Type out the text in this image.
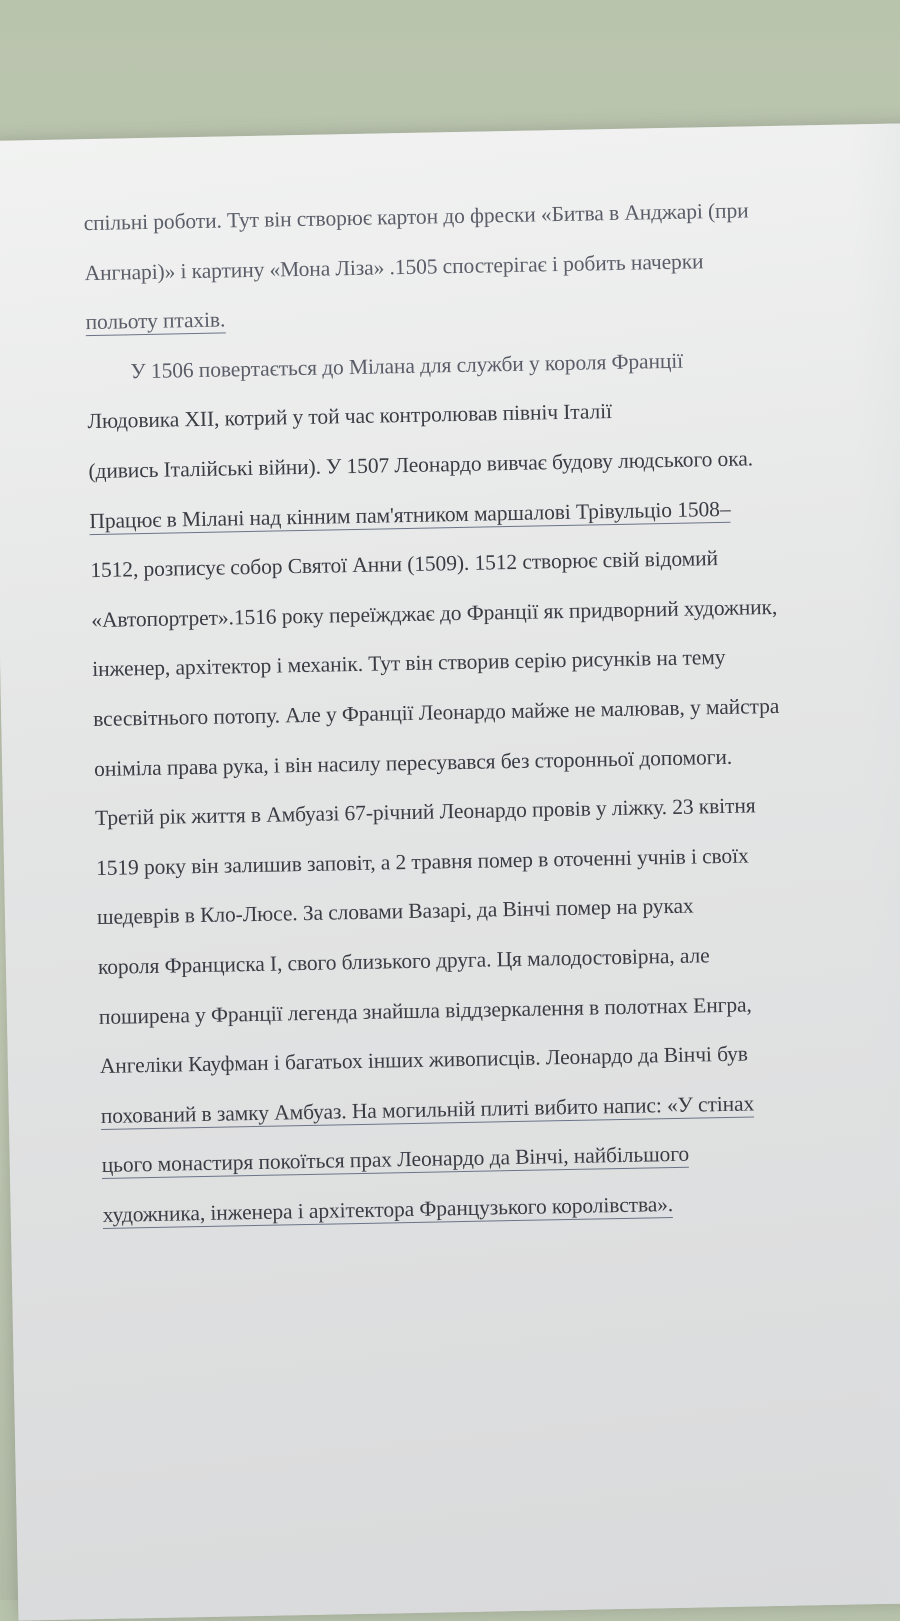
спільні роботи. Тут він створює картон до фрески «Битва в Анджарі (при
Ангнарі)» і картину «Мона Ліза» .1505 спостерігає і робить начерки
польоту птахів.
У 1506 повертається до Мілана для служби у короля Франції
Людовика XII, котрий у той час контролював північ Італії
(дивись Італійські війни). У 1507 Леонардо вивчає будову людського ока.
Працює в Мілані над кінним пам'ятником маршалові Трівульціо 1508–
1512, розписує собор Святої Анни (1509). 1512 створює свій відомий
«Автопортрет».1516 року переїжджає до Франції як придворний художник,
інженер, архітектор і механік. Тут він створив серію рисунків на тему
всесвітнього потопу. Але у Франції Леонардо майже не малював, у майстра
оніміла права рука, і він насилу пересувався без сторонньої допомоги.
Третій рік життя в Амбуазі 67-річний Леонардо провів у ліжку. 23 квітня
1519 року він залишив заповіт, а 2 травня помер в оточенні учнів і своїх
шедеврів в Кло-Люсе. За словами Вазарі, да Вінчі помер на руках
короля Франциска I, свого близького друга. Ця малодостовірна, але
поширена у Франції легенда знайшла віддзеркалення в полотнах Енгра,
Ангеліки Кауфман і багатьох інших живописців. Леонардо да Вінчі був
похований в замку Амбуаз. На могильній плиті вибито напис: «У стінах
цього монастиря покоїться прах Леонардо да Вінчі, найбільшого
художника, інженера і архітектора Французького королівства».
